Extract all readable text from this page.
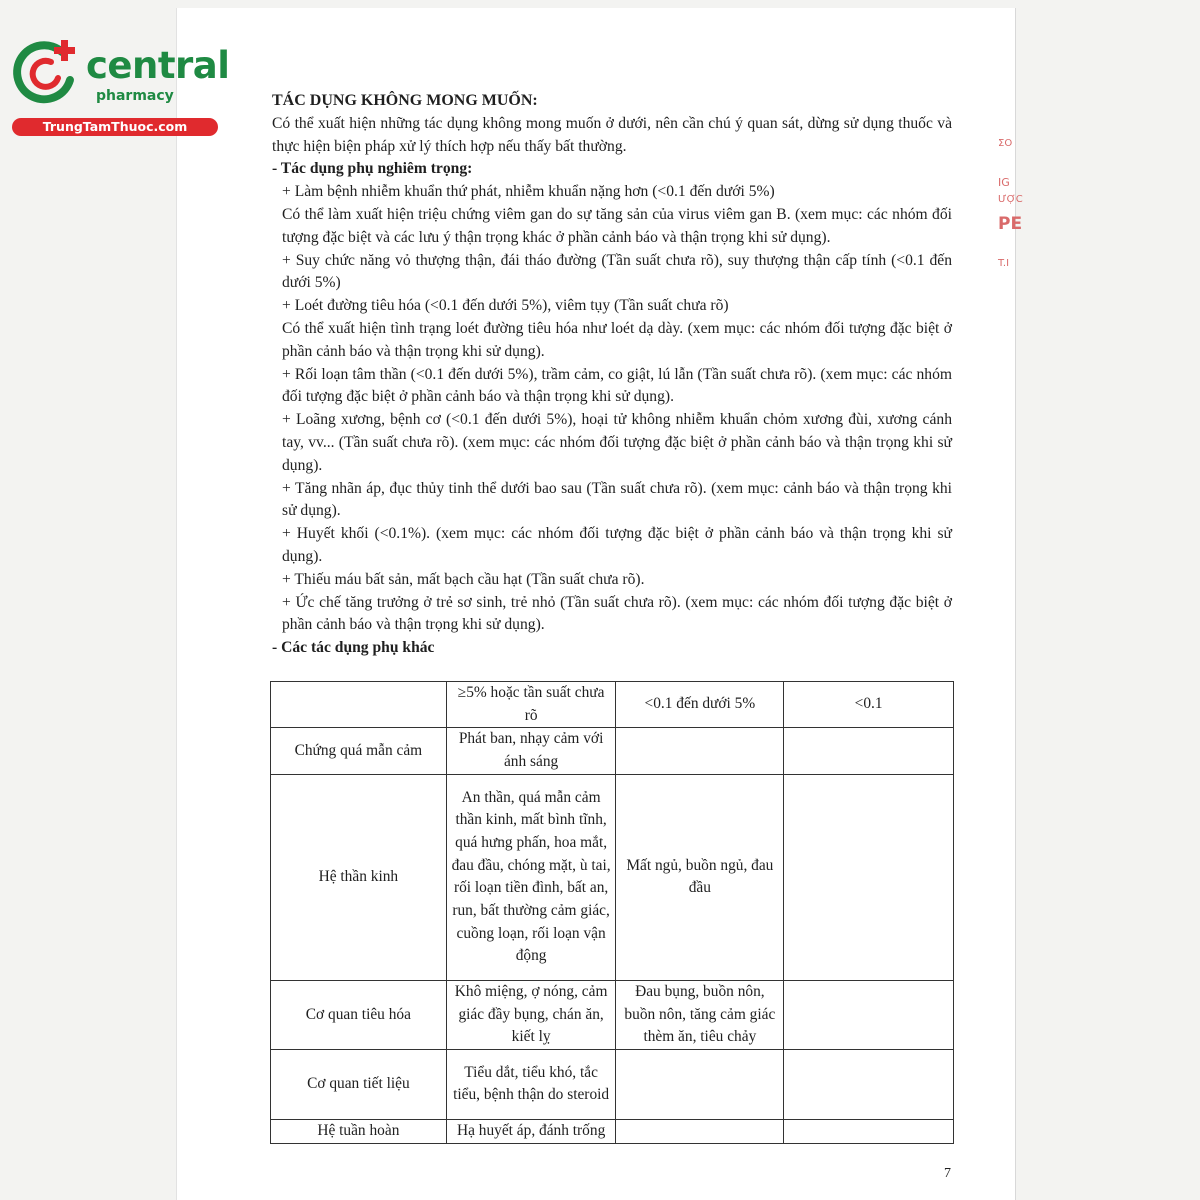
central
pharmacy
TrungTamThuoc.com
ΣΟ
IG
ƯỢC
PE
T.I

TÁC DỤNG KHÔNG MONG MUỐN:

Có thể xuất hiện những tác dụng không mong muốn ở dưới, nên cần chú ý quan sát, dừng sử dụng thuốc và thực hiện biện pháp xử lý thích hợp nếu thấy bất thường.

- Tác dụng phụ nghiêm trọng:

+ Làm bệnh nhiễm khuẩn thứ phát, nhiễm khuẩn nặng hơn (<0.1 đến dưới 5%)

Có thể làm xuất hiện triệu chứng viêm gan do sự tăng sản của virus viêm gan B. (xem mục: các nhóm đối tượng đặc biệt và các lưu ý thận trọng khác ở phần cảnh báo và thận trọng khi sử dụng).

+ Suy chức năng vỏ thượng thận, đái tháo đường (Tần suất chưa rõ), suy thượng thận cấp tính (<0.1 đến dưới 5%)

+ Loét đường tiêu hóa (<0.1 đến dưới 5%), viêm tụy (Tần suất chưa rõ)

Có thể xuất hiện tình trạng loét đường tiêu hóa như loét dạ dày. (xem mục: các nhóm đối tượng đặc biệt ở phần cảnh báo và thận trọng khi sử dụng).

+ Rối loạn tâm thần (<0.1 đến dưới 5%), trầm cảm, co giật, lú lẫn (Tần suất chưa rõ). (xem mục: các nhóm đối tượng đặc biệt ở phần cảnh báo và thận trọng khi sử dụng).

+ Loãng xương, bệnh cơ (<0.1 đến dưới 5%), hoại tử không nhiễm khuẩn chỏm xương đùi, xương cánh tay, vv... (Tần suất chưa rõ). (xem mục: các nhóm đối tượng đặc biệt ở phần cảnh báo và thận trọng khi sử dụng).

+ Tăng nhãn áp, đục thủy tinh thể dưới bao sau (Tần suất chưa rõ). (xem mục: cảnh báo và thận trọng khi sử dụng).

+ Huyết khối (<0.1%). (xem mục: các nhóm đối tượng đặc biệt ở phần cảnh báo và thận trọng khi sử dụng).

+ Thiếu máu bất sản, mất bạch cầu hạt (Tần suất chưa rõ).

+ Ức chế tăng trưởng ở trẻ sơ sinh, trẻ nhỏ (Tần suất chưa rõ). (xem mục: các nhóm đối tượng đặc biệt ở phần cảnh báo và thận trọng khi sử dụng).

- Các tác dụng phụ khác

	≥5% hoặc tần suất chưa rõ	<0.1 đến dưới 5%	<0.1
Chứng quá mẫn cảm	Phát ban, nhạy cảm với ánh sáng		
Hệ thần kinh	An thần, quá mẫn cảm thần kinh, mất bình tĩnh, quá hưng phấn, hoa mắt, đau đầu, chóng mặt, ù tai, rối loạn tiền đình, bất an, run, bất thường cảm giác, cuồng loạn, rối loạn vận động	Mất ngủ, buồn ngủ, đau đầu	
Cơ quan tiêu hóa	Khô miệng, ợ nóng, cảm giác đầy bụng, chán ăn, kiết lỵ	Đau bụng, buồn nôn, buồn nôn, tăng cảm giác thèm ăn, tiêu chảy	
Cơ quan tiết liệu	Tiểu dắt, tiểu khó, tắc tiểu, bệnh thận do steroid		
Hệ tuần hoàn	Hạ huyết áp, đánh trống		
7
